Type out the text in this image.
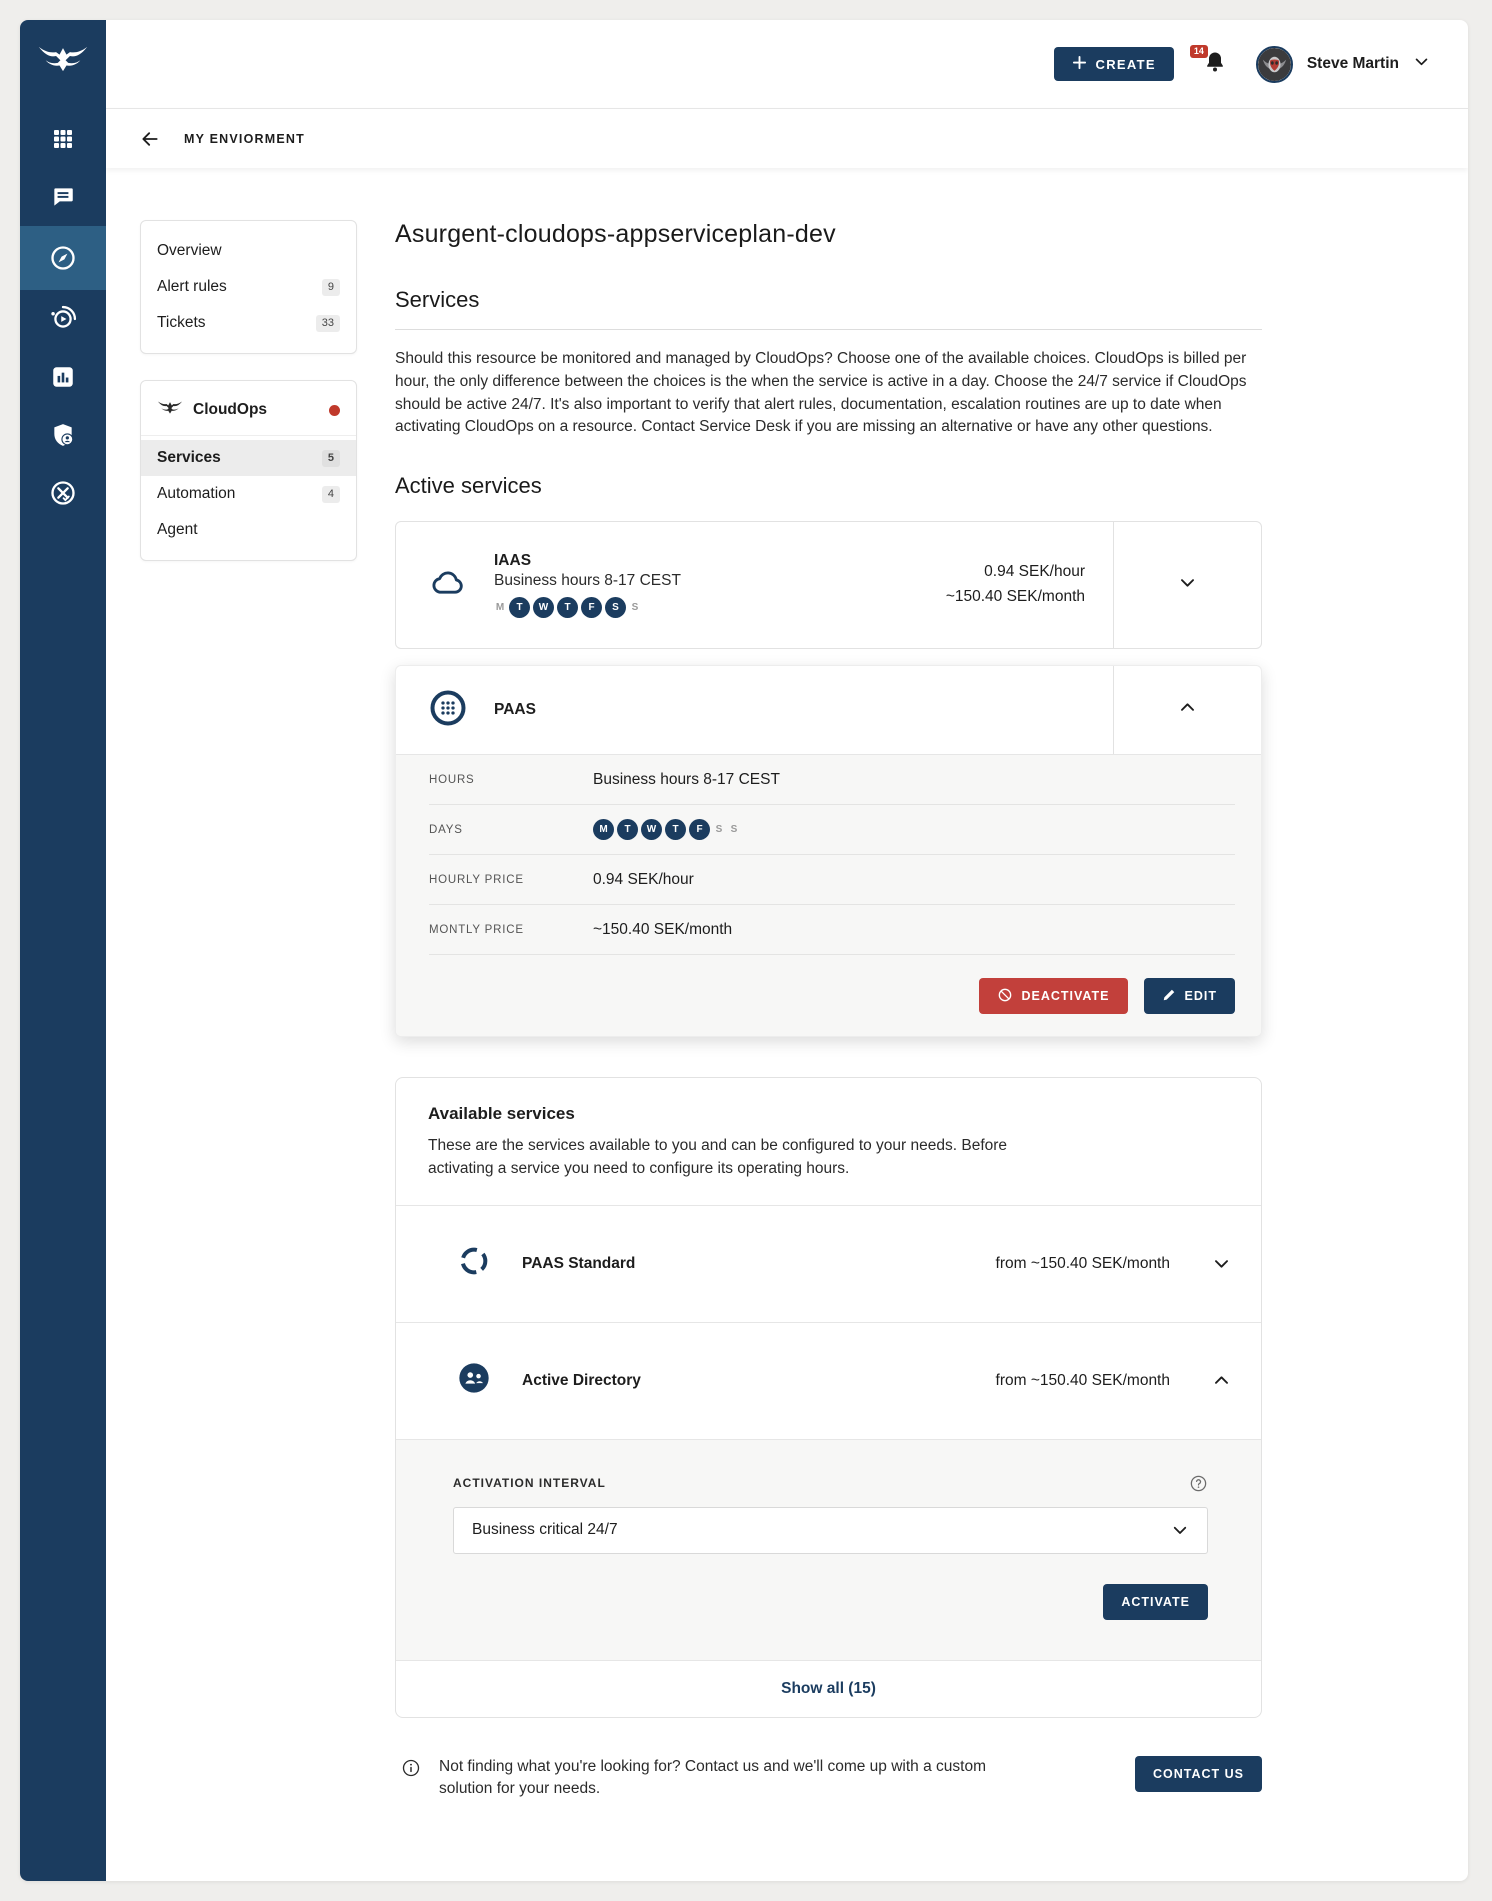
CREATE
14
Steve Martin
MY ENVIORMENT
Overview
Alert rules	9
Tickets	33
CloudOps
Services	5
Automation	4
Agent
Asurgent-cloudops-appserviceplan-dev
Services

Should this resource be monitored and managed by CloudOps? Choose one of the available choices. CloudOps is billed per hour, the only difference between the choices is the when the service is active in a day. Choose the 24/7 service if CloudOps should be active 24/7. It's also important to verify that alert rules, documentation, escalation routines are up to date when activating CloudOps on a resource. Contact Service Desk if you are missing an alternative or have any other questions.

Active services
IAAS
Business hours 8-17 CEST
M	T	W	T	F	S	S
0.94 SEK/hour
~150.40 SEK/month
PAAS
HOURS	Business hours 8-17 CEST
DAYS	M	T	W	T	F	S S
HOURLY PRICE	0.94 SEK/hour
MONTLY PRICE	~150.40 SEK/month
DEACTIVATE	EDIT
Available services

These are the services available to you and can be configured to your needs. Before activating a service you need to configure its operating hours.

PAAS Standard	from ~150.40 SEK/month
Active Directory	from ~150.40 SEK/month
ACTIVATION INTERVAL
Business critical 24/7
ACTIVATE
Show all (15)
Not finding what you're looking for? Contact us and we'll come up with a custom solution for your needs.
CONTACT US
